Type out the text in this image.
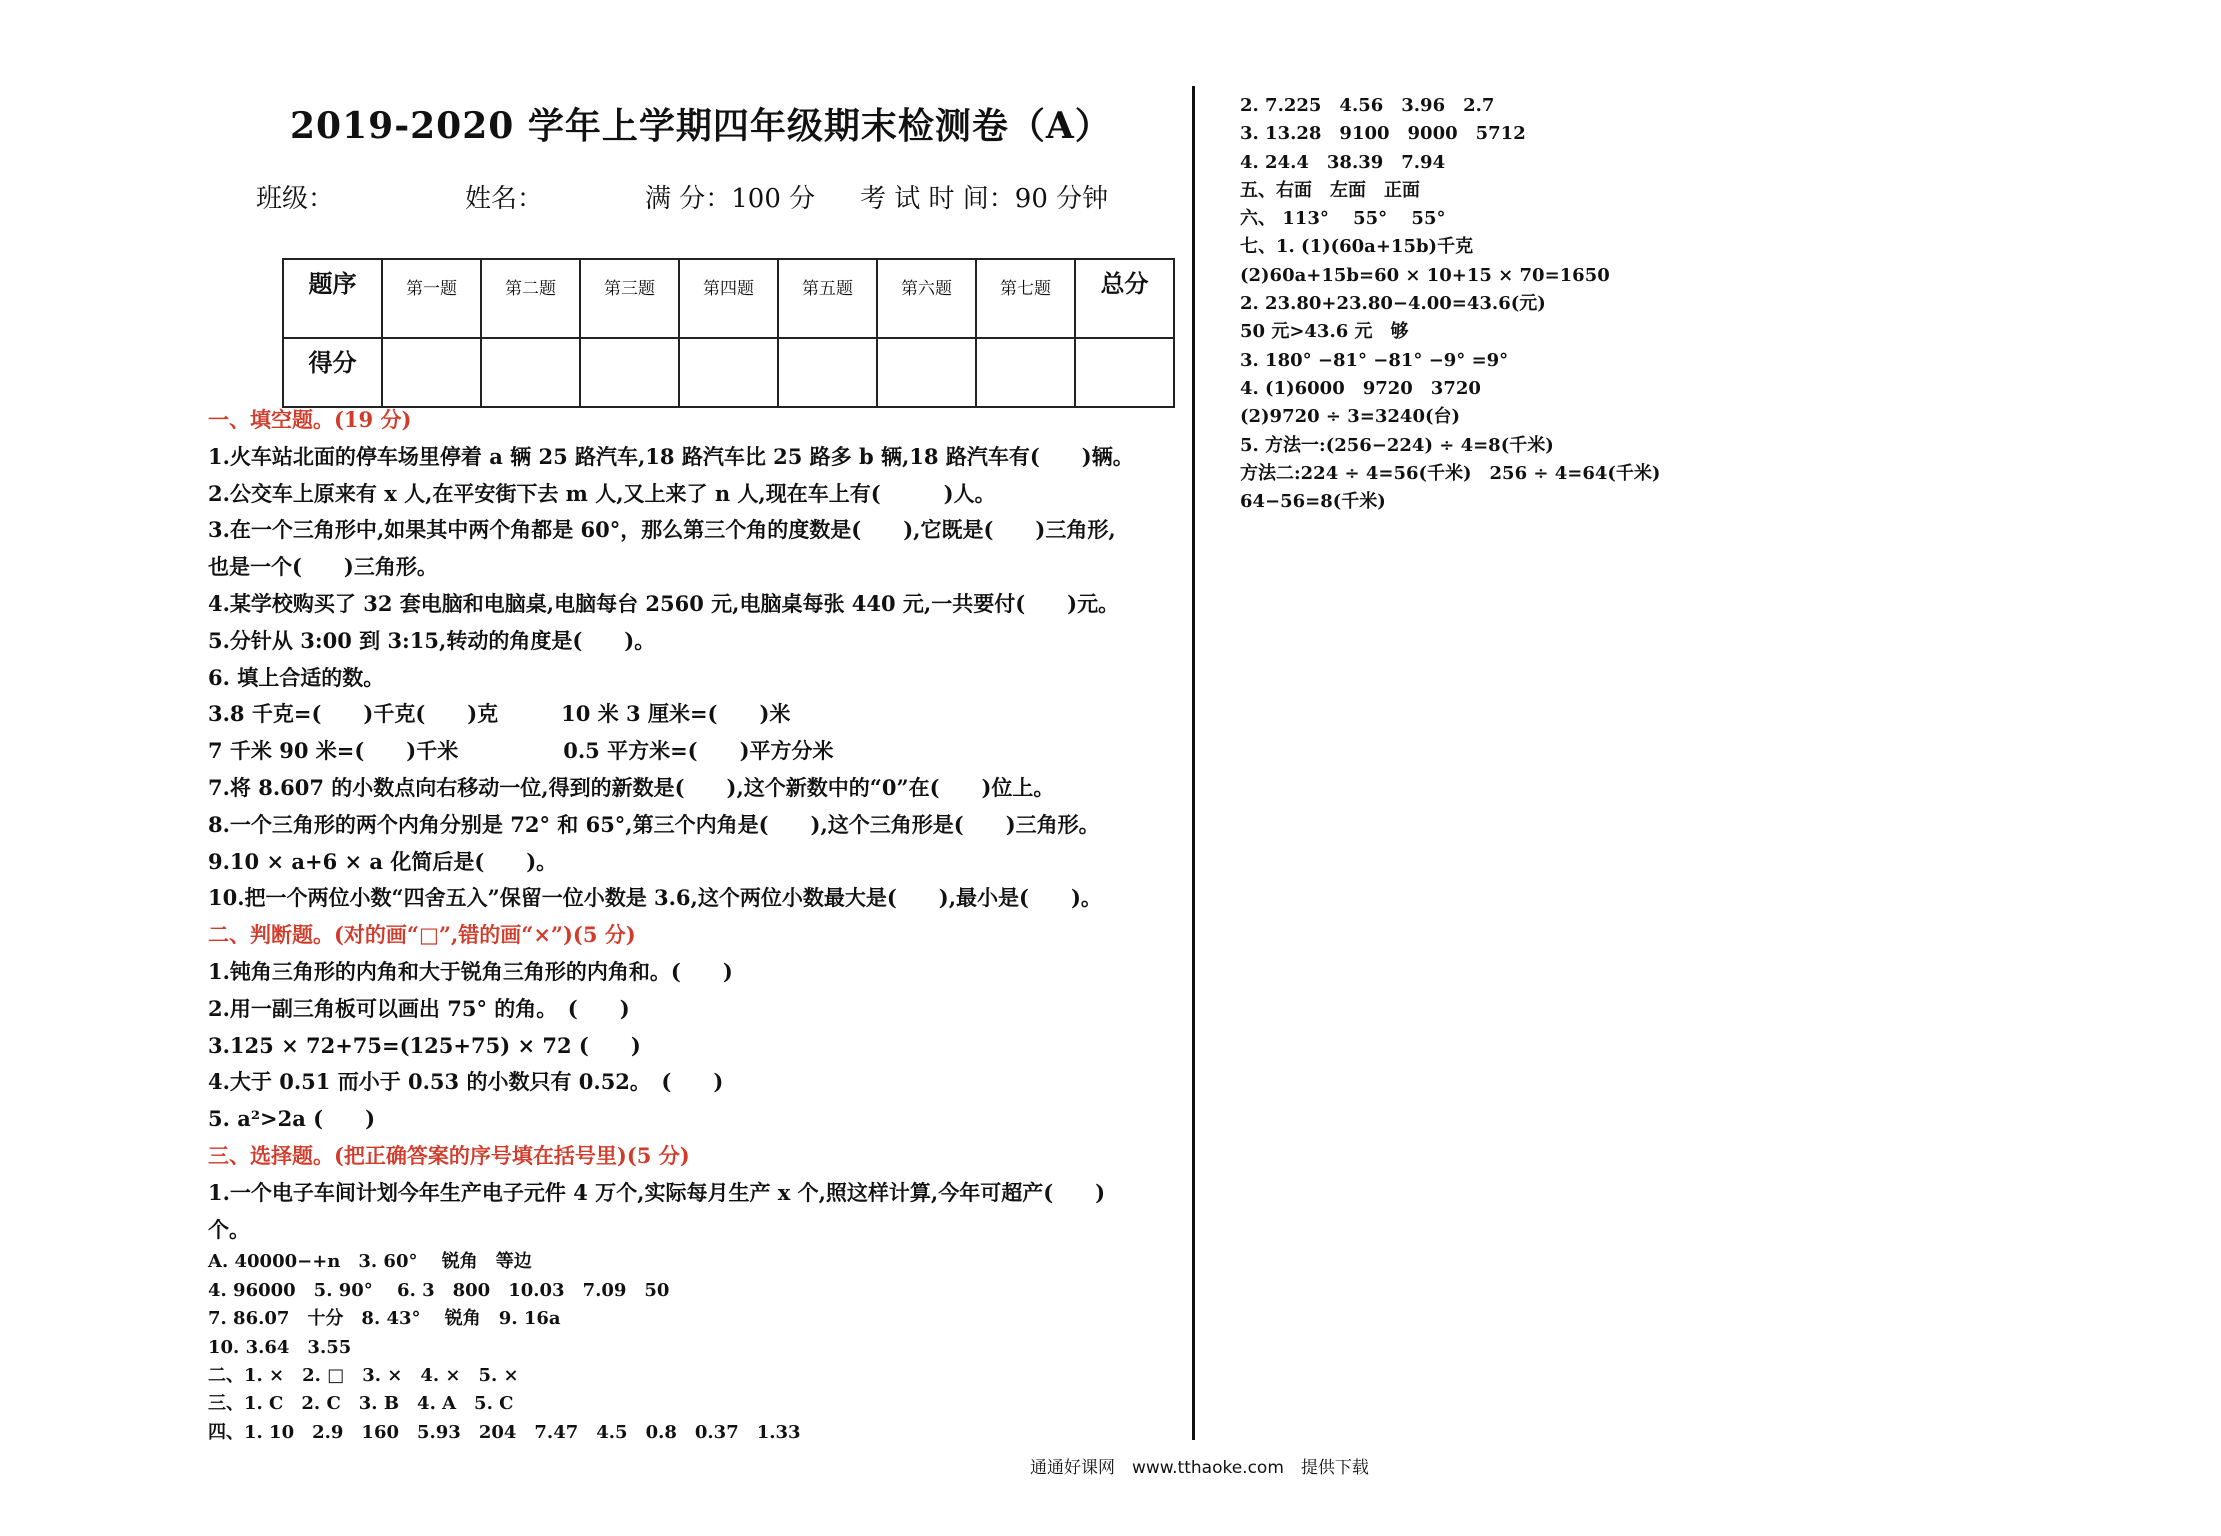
2019-2020 学年上学期四年级期末检测卷（A）
班级：	姓名：	满 分：100 分 考 试 时 间：90 分钟
题序	第一题	第二题	第三题	第四题	第五题	第六题	第七题	总分
得分								
一、填空题。(19 分)
1.火车站北面的停车场里停着 a 辆 25 路汽车,18 路汽车比 25 路多 b 辆,18 路汽车有(　　)辆。
2.公交车上原来有 x 人,在平安街下去 m 人,又上来了 n 人,现在车上有(　　　)人。
3.在一个三角形中,如果其中两个角都是 60°，那么第三个角的度数是(　　),它既是(　　)三角形,
也是一个(　　)三角形。
4.某学校购买了 32 套电脑和电脑桌,电脑每台 2560 元,电脑桌每张 440 元,一共要付(　　)元。
5.分针从 3:00 到 3:15,转动的角度是(　　)。
6. 填上合适的数。
3.8 千克=(　　)千克(　　)克　　　10 米 3 厘米=(　　)米
7 千米 90 米=(　　)千米　　　　　0.5 平方米=(　　)平方分米
7.将 8.607 的小数点向右移动一位,得到的新数是(　　),这个新数中的“0”在(　　)位上。
8.一个三角形的两个内角分别是 72° 和 65°,第三个内角是(　　),这个三角形是(　　)三角形。
9.10 × a+6 × a 化简后是(　　)。
10.把一个两位小数“四舍五入”保留一位小数是 3.6,这个两位小数最大是(　　),最小是(　　)。
二、判断题。(对的画“□”,错的画“×”)(5 分)
1.钝角三角形的内角和大于锐角三角形的内角和。(　　)
2.用一副三角板可以画出 75° 的角。　(　　)
3.125 × 72+75=(125+75) × 72 (　　)
4.大于 0.51 而小于 0.53 的小数只有 0.52。　(　　)
5. a²>2a (　　)
三、选择题。(把正确答案的序号填在括号里)(5 分)
1.一个电子车间计划今年生产电子元件 4 万个,实际每月生产 x 个,照这样计算,今年可超产(　　)
个。
A. 40000−+n　3. 60°　 锐角　等边
4. 96000　5. 90°　 6. 3　800　10.03　7.09　50
7. 86.07　十分　8. 43°　 锐角　9. 16a
10. 3.64　3.55
二、1. ×　2. □　3. ×　4. ×　5. ×
三、1. C　2. C　3. B　4. A　5. C
四、1. 10　2.9　160　5.93　204　7.47　4.5　0.8　0.37　1.33
2. 7.225　4.56　3.96　2.7
3. 13.28　9100　9000　5712
4. 24.4　38.39　7.94
五、右面　左面　正面
六、 113°　 55°　 55°
七、1. (1)(60a+15b)千克
(2)60a+15b=60 × 10+15 × 70=1650
2. 23.80+23.80−4.00=43.6(元)
50 元>43.6 元　够
3. 180° −81° −81° −9° =9°
4. (1)6000　9720　3720
(2)9720 ÷ 3=3240(台)
5. 方法一:(256−224) ÷ 4=8(千米)
方法二:224 ÷ 4=56(千米)　256 ÷ 4=64(千米)
64−56=8(千米)
通通好课网　www.tthaoke.com　提供下载
